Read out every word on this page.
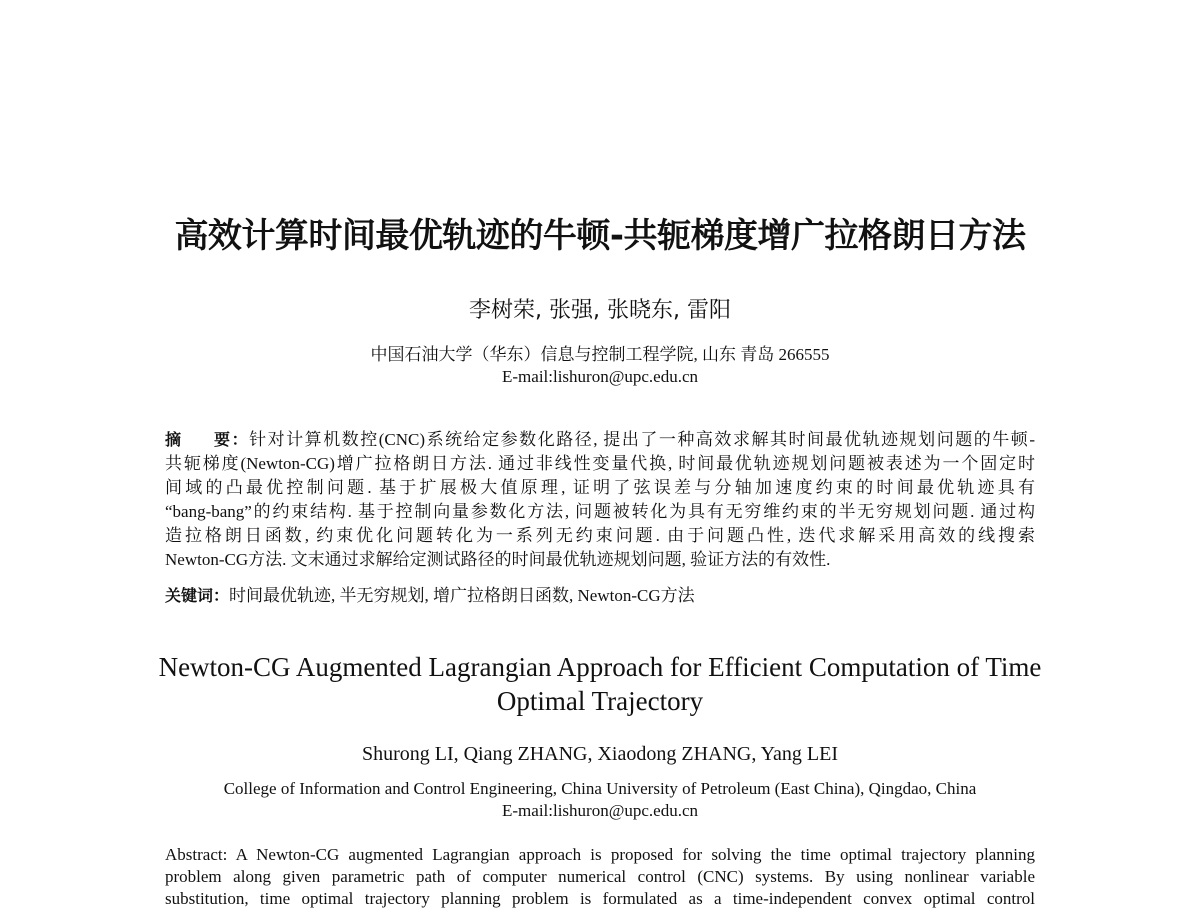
高效计算时间最优轨迹的牛顿-共轭梯度增广拉格朗日方法
李树荣, 张强, 张晓东, 雷阳
中国石油大学（华东）信息与控制工程学院, 山东 青岛 266555
E-mail:lishuron@upc.edu.cn
摘 要：针对计算机数控(CNC)系统给定参数化路径, 提出了一种高效求解其时间最优轨迹规划问题的牛顿-
共轭梯度(Newton-CG)增广拉格朗日方法. 通过非线性变量代换, 时间最优轨迹规划问题被表述为一个固定时
间域的凸最优控制问题. 基于扩展极大值原理, 证明了弦误差与分轴加速度约束的时间最优轨迹具有
“bang-bang”的约束结构. 基于控制向量参数化方法, 问题被转化为具有无穷维约束的半无穷规划问题. 通过构
造拉格朗日函数, 约束优化问题转化为一系列无约束问题. 由于问题凸性, 迭代求解采用高效的线搜索
Newton-CG方法. 文末通过求解给定测试路径的时间最优轨迹规划问题, 验证方法的有效性.
关键词：时间最优轨迹, 半无穷规划, 增广拉格朗日函数, Newton-CG方法
Newton-CG Augmented Lagrangian Approach for Efficient Computation of Time
Optimal Trajectory
Shurong LI, Qiang ZHANG, Xiaodong ZHANG, Yang LEI
College of Information and Control Engineering, China University of Petroleum (East China), Qingdao, China
E-mail:lishuron@upc.edu.cn
Abstract: A Newton-CG augmented Lagrangian approach is proposed for solving the time optimal trajectory planning
problem along given parametric path of computer numerical control (CNC) systems. By using nonlinear variable
substitution, time optimal trajectory planning problem is formulated as a time-independent convex optimal control
